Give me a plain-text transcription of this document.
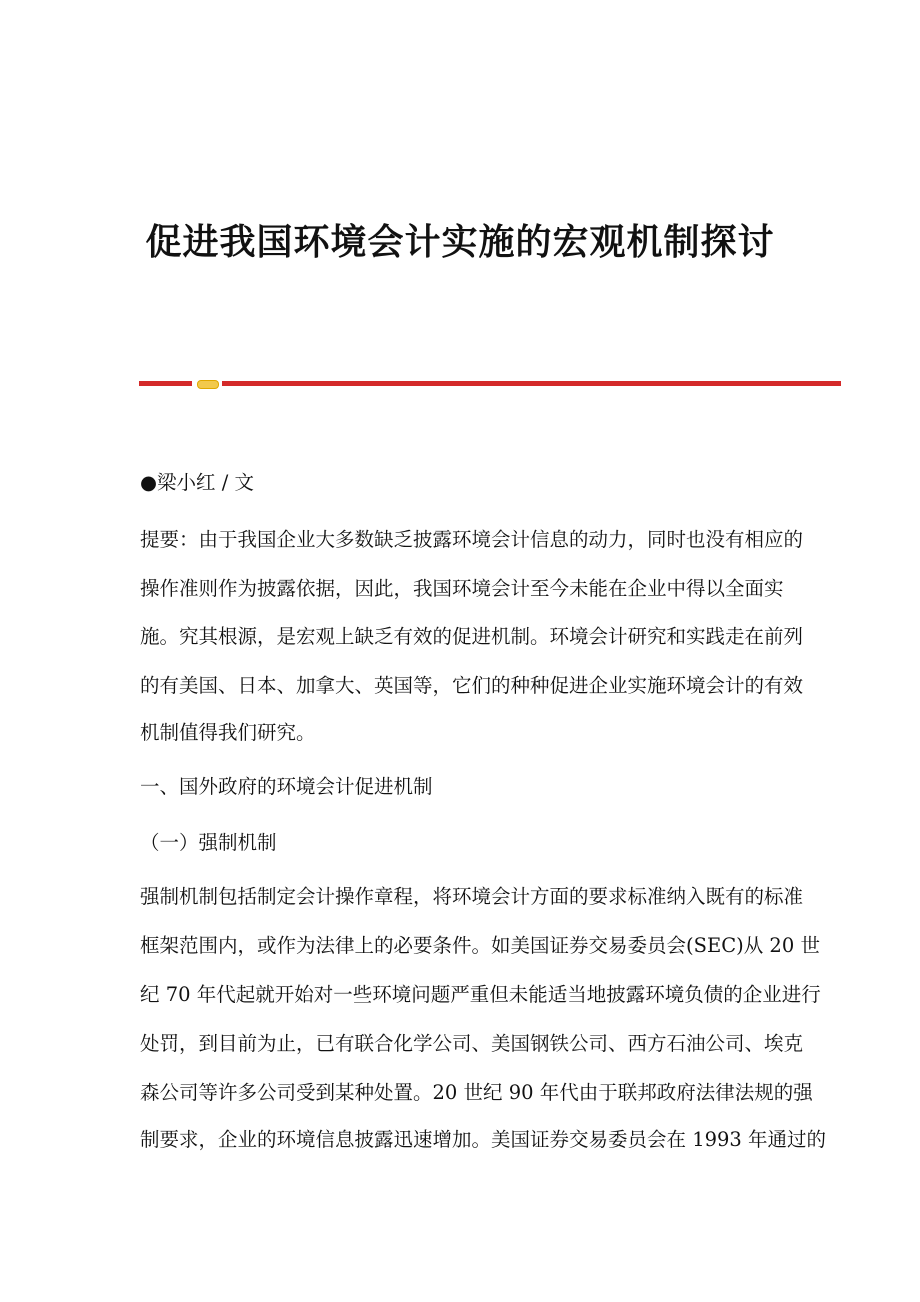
促进我国环境会计实施的宏观机制探讨
●梁小红 / 文
提要：由于我国企业大多数缺乏披露环境会计信息的动力，同时也没有相应的
操作准则作为披露依据，因此，我国环境会计至今未能在企业中得以全面实
施。究其根源，是宏观上缺乏有效的促进机制。环境会计研究和实践走在前列
的有美国、日本、加拿大、英国等，它们的种种促进企业实施环境会计的有效
机制值得我们研究。
一、国外政府的环境会计促进机制
（一）强制机制
强制机制包括制定会计操作章程，将环境会计方面的要求标准纳入既有的标准
框架范围内，或作为法律上的必要条件。如美国证券交易委员会(SEC)从 20 世
纪 70 年代起就开始对一些环境问题严重但未能适当地披露环境负债的企业进行
处罚，到目前为止，已有联合化学公司、美国钢铁公司、西方石油公司、埃克
森公司等许多公司受到某种处置。20 世纪 90 年代由于联邦政府法律法规的强
制要求，企业的环境信息披露迅速增加。美国证券交易委员会在 1993 年通过的
